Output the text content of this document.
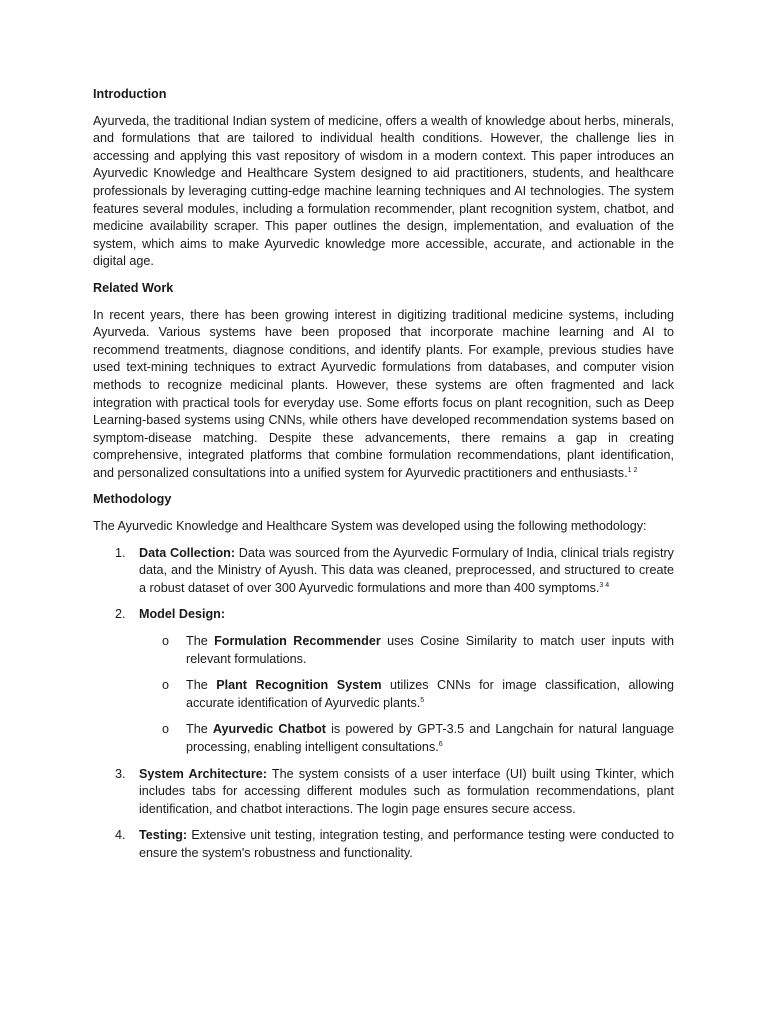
Introduction
Ayurveda, the traditional Indian system of medicine, offers a wealth of knowledge about herbs, minerals, and formulations that are tailored to individual health conditions. However, the challenge lies in accessing and applying this vast repository of wisdom in a modern context. This paper introduces an Ayurvedic Knowledge and Healthcare System designed to aid practitioners, students, and healthcare professionals by leveraging cutting-edge machine learning techniques and AI technologies. The system features several modules, including a formulation recommender, plant recognition system, chatbot, and medicine availability scraper. This paper outlines the design, implementation, and evaluation of the system, which aims to make Ayurvedic knowledge more accessible, accurate, and actionable in the digital age.
Related Work
In recent years, there has been growing interest in digitizing traditional medicine systems, including Ayurveda. Various systems have been proposed that incorporate machine learning and AI to recommend treatments, diagnose conditions, and identify plants. For example, previous studies have used text-mining techniques to extract Ayurvedic formulations from databases, and computer vision methods to recognize medicinal plants. However, these systems are often fragmented and lack integration with practical tools for everyday use. Some efforts focus on plant recognition, such as Deep Learning-based systems using CNNs, while others have developed recommendation systems based on symptom-disease matching. Despite these advancements, there remains a gap in creating comprehensive, integrated platforms that combine formulation recommendations, plant identification, and personalized consultations into a unified system for Ayurvedic practitioners and enthusiasts.$^{1 2}$
Methodology
The Ayurvedic Knowledge and Healthcare System was developed using the following methodology:
1. Data Collection: Data was sourced from the Ayurvedic Formulary of India, clinical trials registry data, and the Ministry of Ayush. This data was cleaned, preprocessed, and structured to create a robust dataset of over 300 Ayurvedic formulations and more than 400 symptoms.$^{3 4}$
2. Model Design:
o The Formulation Recommender uses Cosine Similarity to match user inputs with relevant formulations.
o The Plant Recognition System utilizes CNNs for image classification, allowing accurate identification of Ayurvedic plants.$^5$
o The Ayurvedic Chatbot is powered by GPT-3.5 and Langchain for natural language processing, enabling intelligent consultations.$^6$
3. System Architecture: The system consists of a user interface (UI) built using Tkinter, which includes tabs for accessing different modules such as formulation recommendations, plant identification, and chatbot interactions. The login page ensures secure access.
4. Testing: Extensive unit testing, integration testing, and performance testing were conducted to ensure the system's robustness and functionality.
